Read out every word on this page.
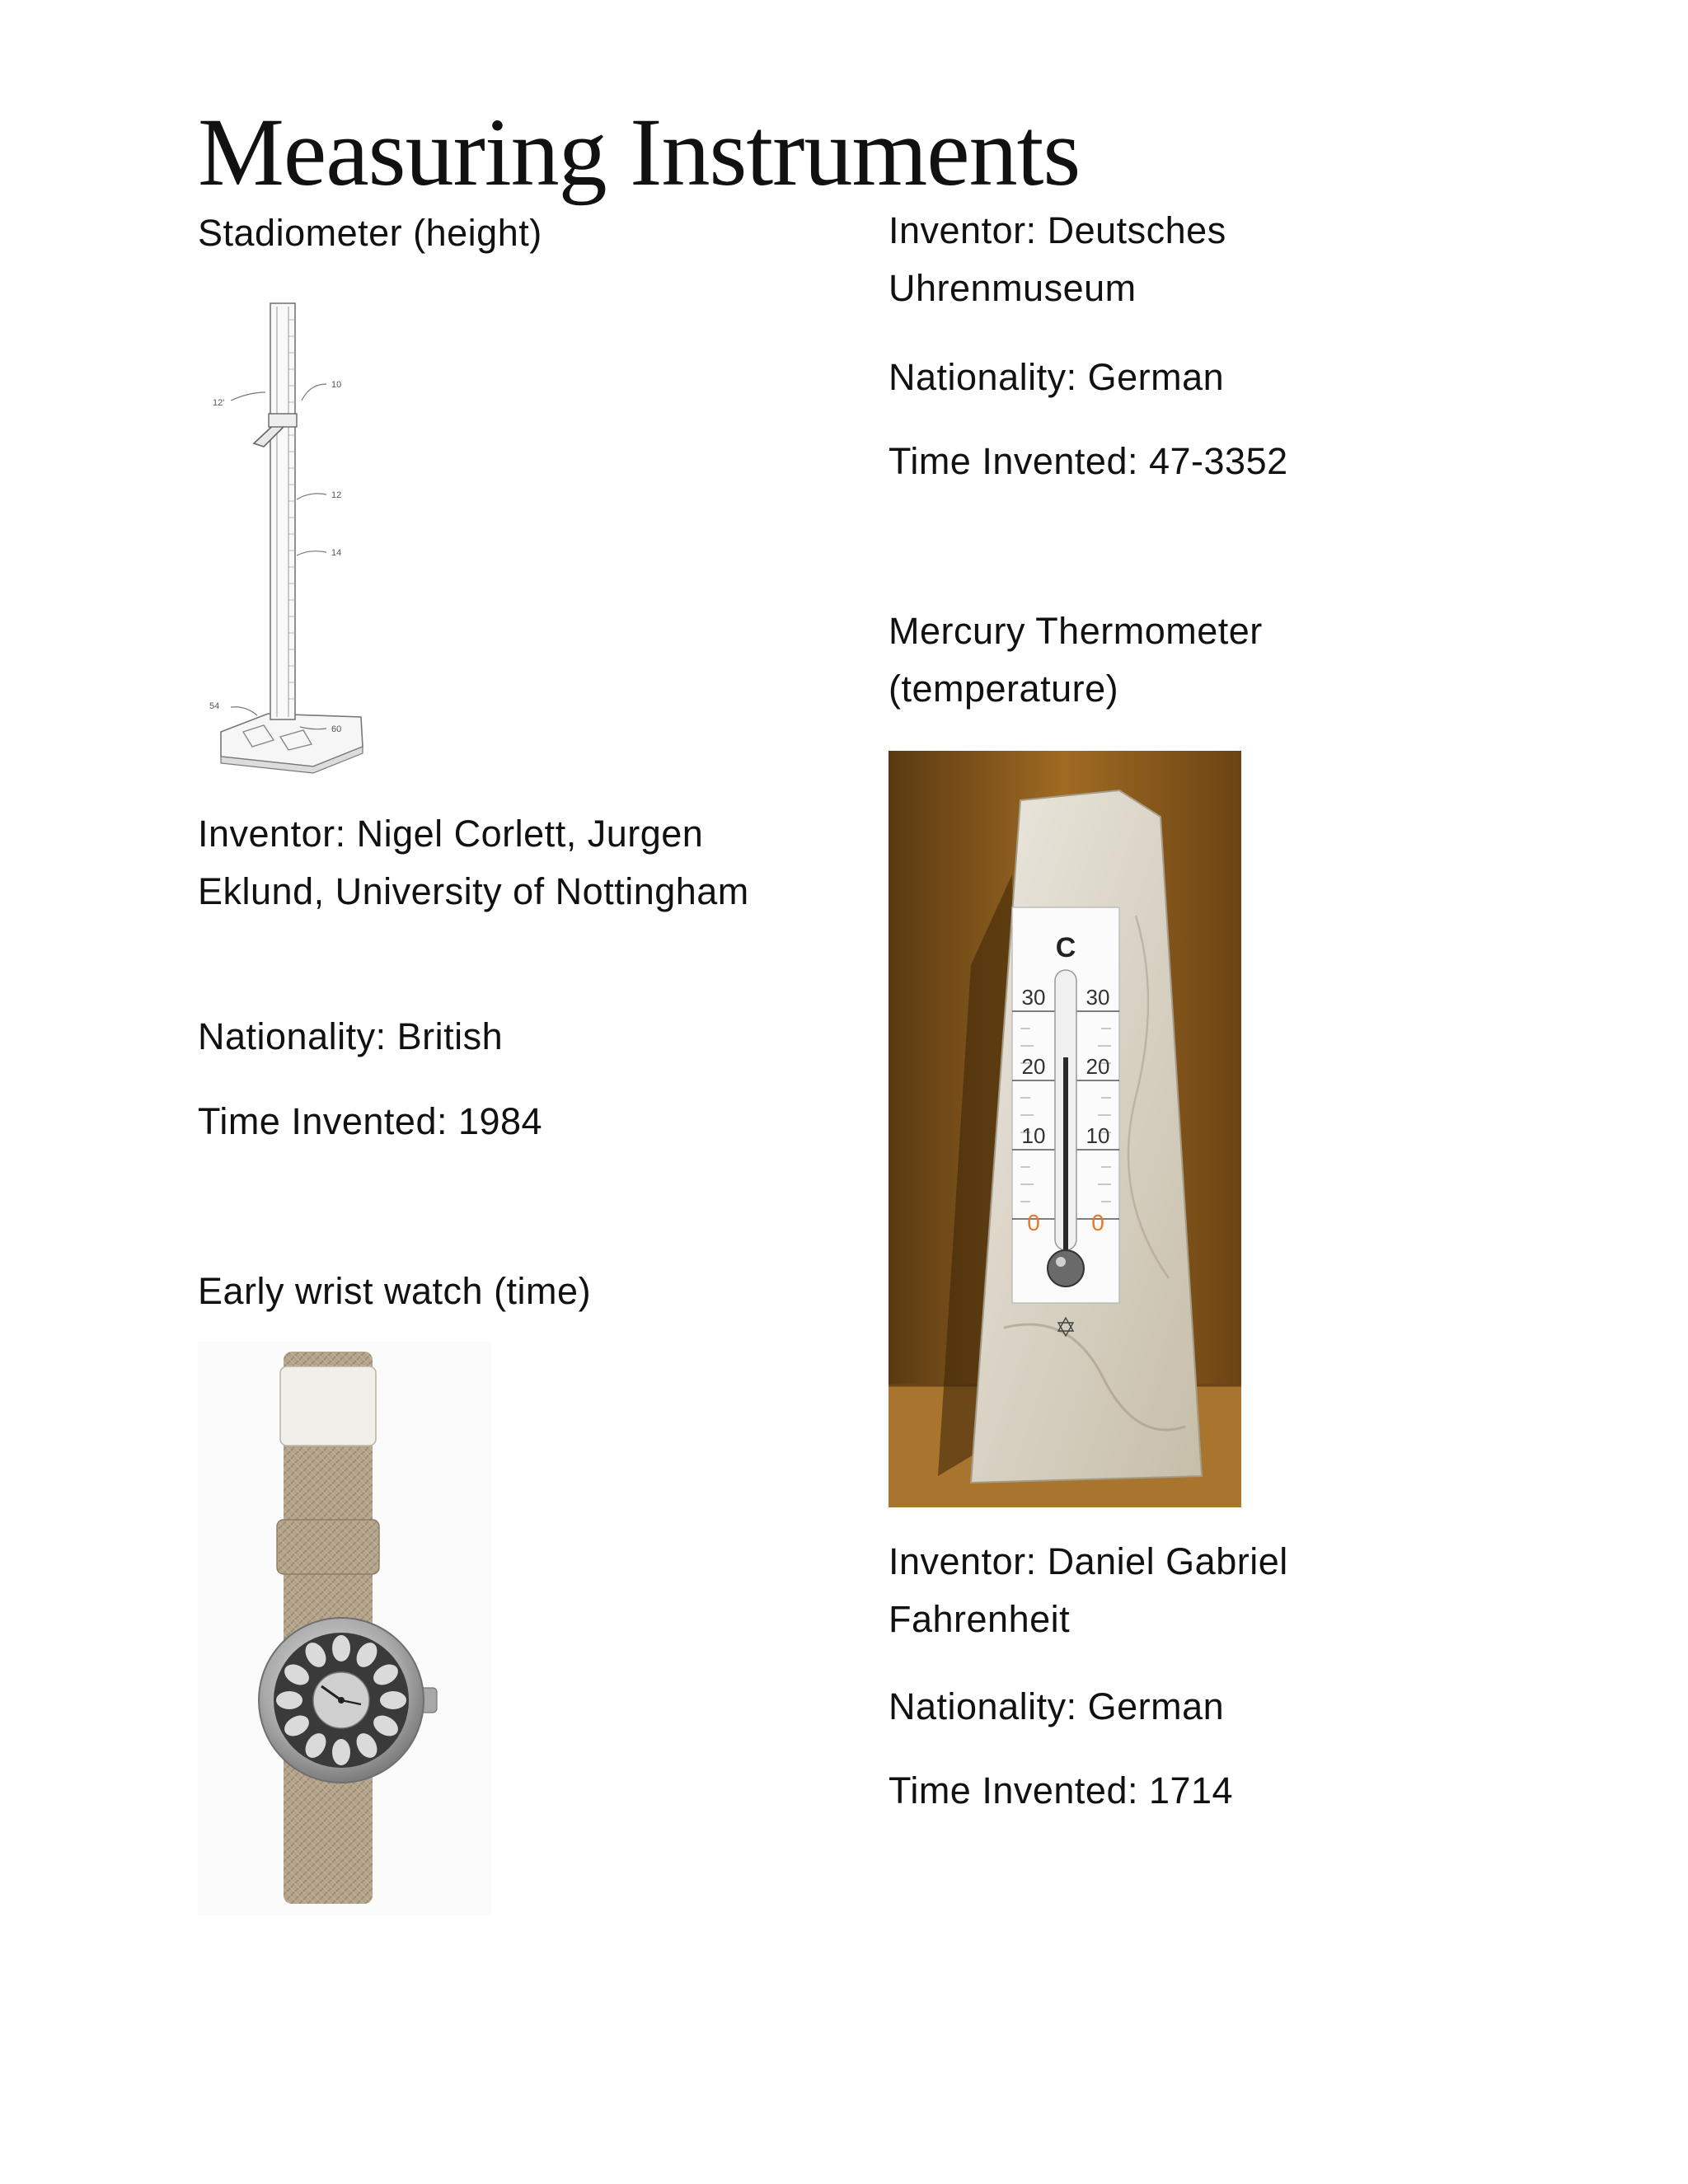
Measuring Instruments

Stadiometer (height)

12'
10
12
14
54
60

Inventor: Nigel Corlett, Jurgen Eklund, University of Nottingham

Nationality: British

Time Invented: 1984

Early wrist watch (time)

Inventor: Deutsches Uhrenmuseum

Nationality: German

Time Invented: 47-3352

Mercury Thermometer (temperature)

C
30 30
20 20
10 10
0 0

Inventor: Daniel Gabriel Fahrenheit

Nationality: German

Time Invented: 1714
